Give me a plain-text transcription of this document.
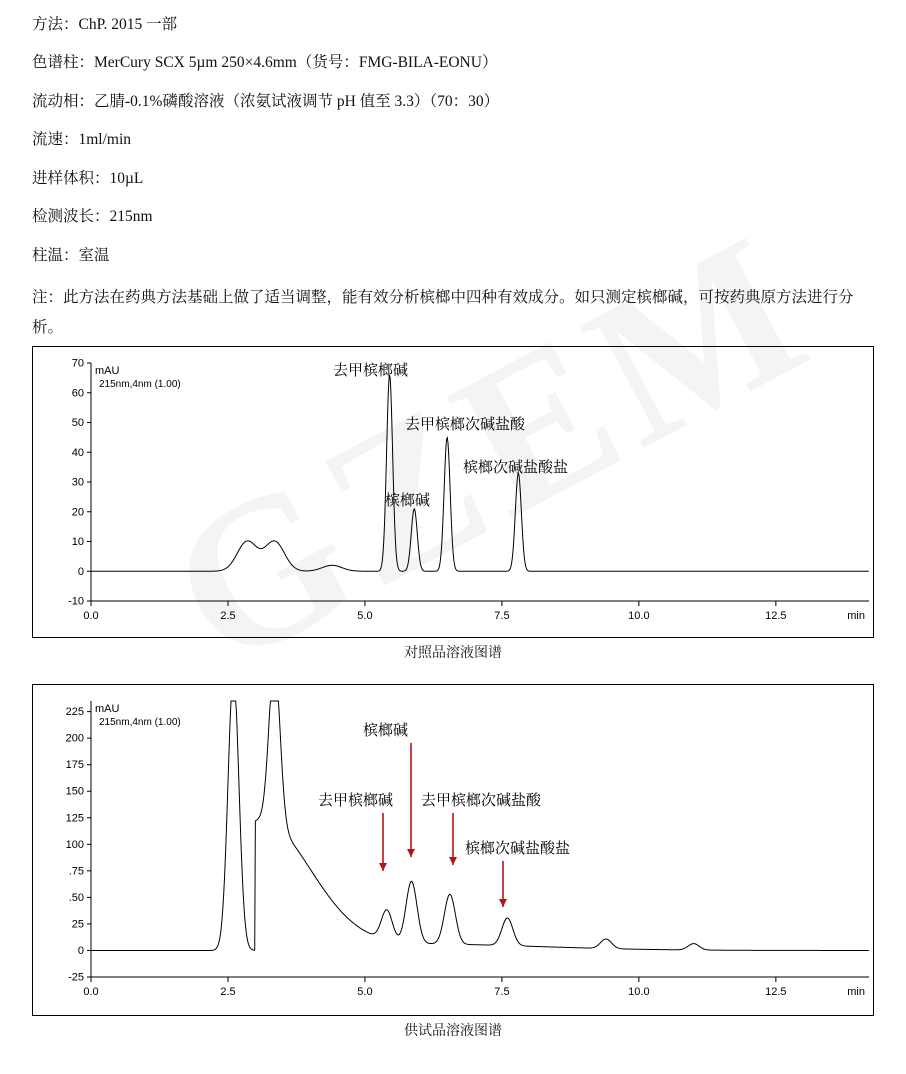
方法：ChP. 2015 一部

色谱柱：MerCury SCX 5µm 250×4.6mm（货号：FMG-BILA-EONU）

流动相：乙腈-0.1%磷酸溶液（浓氨试液调节 pH 值至 3.3）（70：30）

流速：1ml/min

进样体积：10µL

检测波长：215nm

柱温：室温

注：此方法在药典方法基础上做了适当调整，能有效分析槟榔中四种有效成分。如只测定槟榔碱，可按药典原方法进行分析。

-10
0
10
20
30
40
50
60
70
0.0	2.5	5.0	7.5	10.0	12.5	min
mAU
215nm,4nm (1.00)
去甲槟榔碱
去甲槟榔次碱盐酸
槟榔次碱盐酸盐
槟榔碱
对照品溶液图谱
-25
0
25
.50
.75
100
125
150
175
200
225
0.0	2.5	5.0	7.5	10.0	12.5	min
mAU
215nm,4nm (1.00)
槟榔碱
去甲槟榔碱 去甲槟榔次碱盐酸
槟榔次碱盐酸盐
供试品溶液图谱
